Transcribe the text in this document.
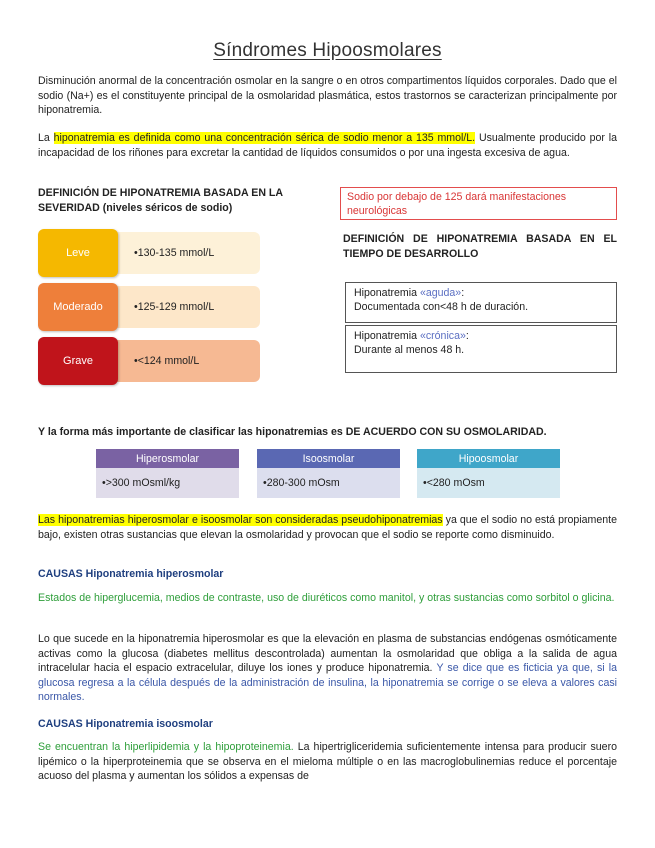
Síndromes Hipoosmolares
Disminución anormal de la concentración osmolar en la sangre o en otros compartimentos líquidos corporales. Dado que el sodio (Na+) es el constituyente principal de la osmolaridad plasmática, estos trastornos se caracterizan principalmente por hiponatremia.
La hiponatremia es definida como una concentración sérica de sodio menor a 135 mmol/L. Usualmente producido por la incapacidad de los riñones para excretar la cantidad de líquidos consumidos o por una ingesta excesiva de agua.
DEFINICIÓN DE HIPONATREMIA BASADA EN LA SEVERIDAD (niveles séricos de sodio)
Sodio por debajo de 125 dará manifestaciones neurológicas
DEFINICIÓN DE HIPONATREMIA BASADA EN EL TIEMPO DE DESARROLLO
Leve	•130-135 mmol/L
Moderado	•125-129 mmol/L
Grave	•<124 mmol/L
Hiponatremia «aguda»:
Documentada con<48 h de duración.
Hiponatremia «crónica»:
Durante al menos 48 h.
Y la forma más importante de clasificar las hiponatremias es DE ACUERDO CON SU OSMOLARIDAD.
Hiperosmolar
•>300 mOsml/kg
Isoosmolar
•280-300 mOsm
Hipoosmolar
•<280 mOsm
Las hiponatremias hiperosmolar e isoosmolar son consideradas pseudohiponatremias ya que el sodio no está propiamente bajo, existen otras sustancias que elevan la osmolaridad y provocan que el sodio se reporte como disminuido.
CAUSAS Hiponatremia hiperosmolar
Estados de hiperglucemia, medios de contraste, uso de diuréticos como manitol, y otras sustancias como sorbitol o glicina.
Lo que sucede en la hiponatremia hiperosmolar es que la elevación en plasma de substancias endógenas osmóticamente activas como la glucosa (diabetes mellitus descontrolada) aumentan la osmolaridad que obliga a la salida de agua intracelular hacia el espacio extracelular, diluye los iones y produce hiponatremia. Y se dice que es ficticia ya que, si la glucosa regresa a la célula después de la administración de insulina, la hiponatremia se corrige o se eleva a valores casi normales.
CAUSAS Hiponatremia isoosmolar
Se encuentran la hiperlipidemia y la hipoproteinemia. La hipertrigliceridemia suficientemente intensa para producir suero lipémico o la hiperproteinemia que se observa en el mieloma múltiple o en las macroglobulinemias reduce el porcentaje acuoso del plasma y aumentan los sólidos a expensas de
